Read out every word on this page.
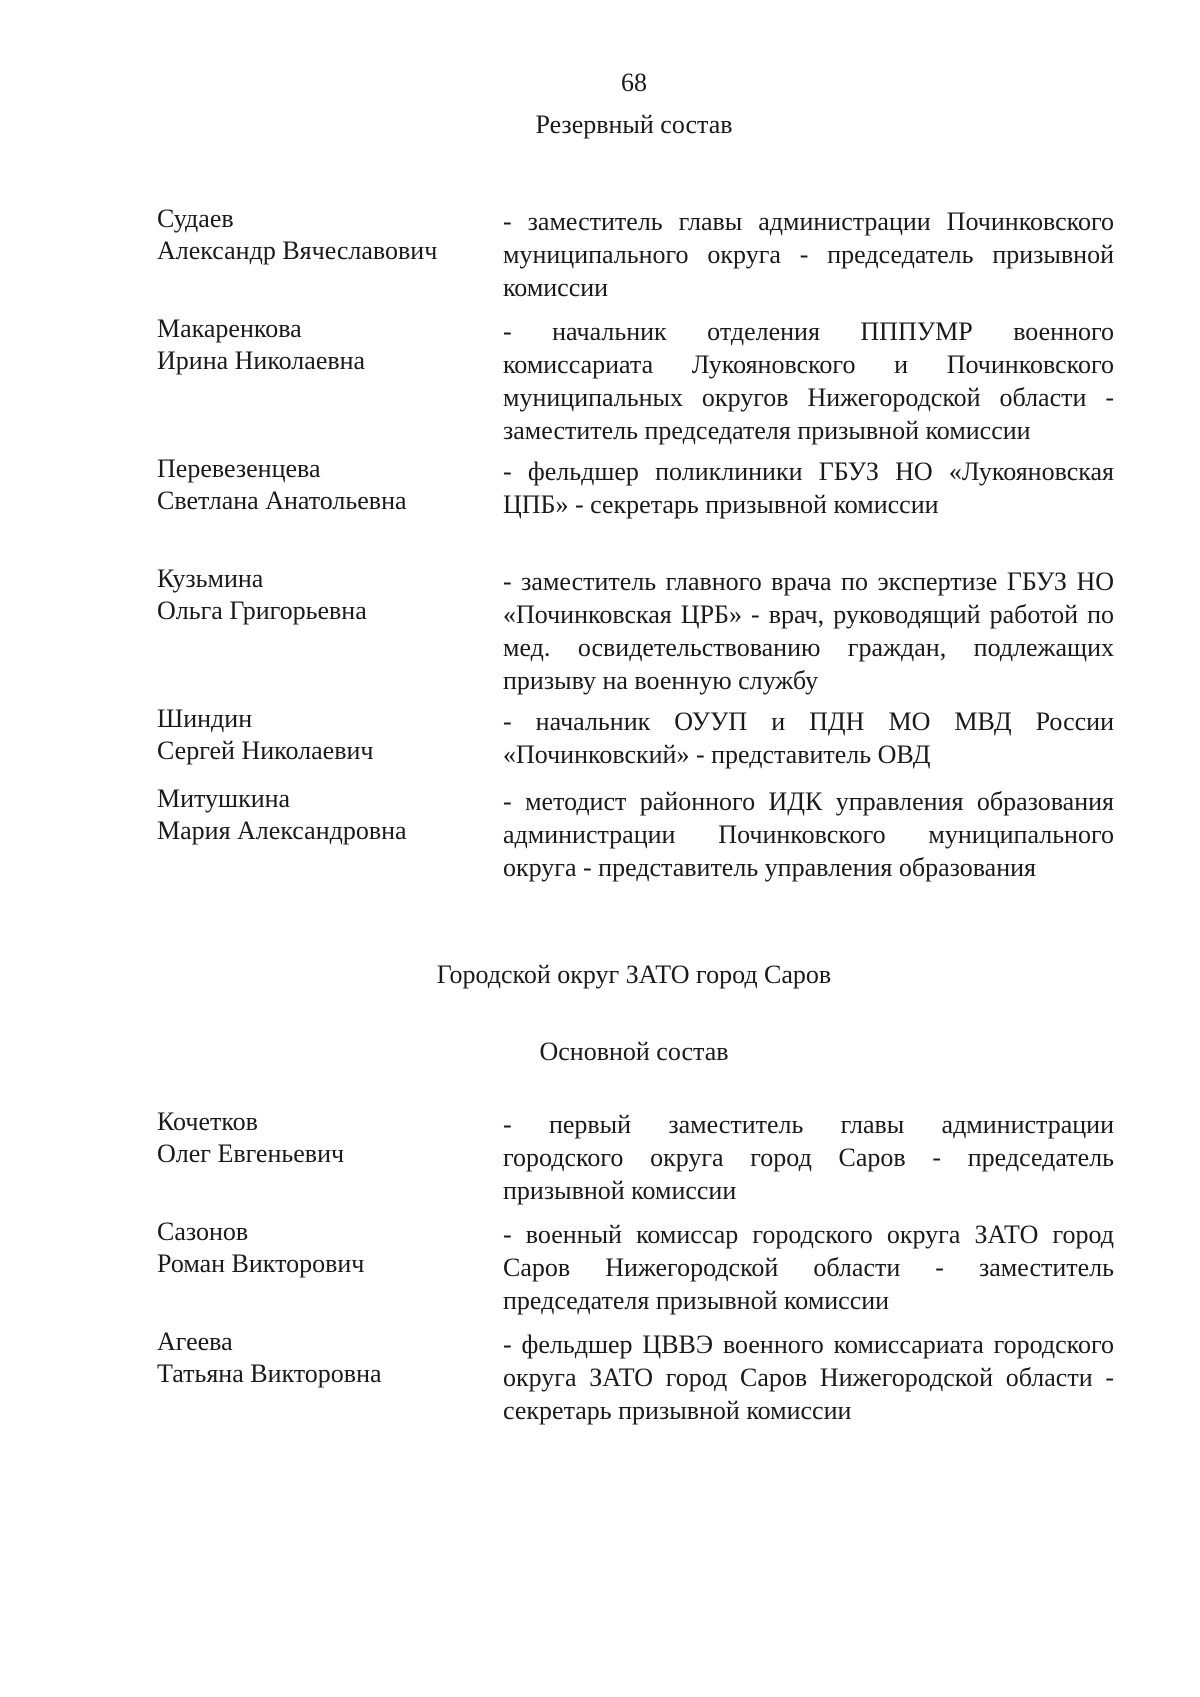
68
Резервный состав
Судаев
Александр Вячеславович
- заместитель главы администрации Починковского муниципального округа - председатель призывной комиссии
Макаренкова
Ирина Николаевна
- начальник отделения ПППУМР военного комиссариата Лукояновского и Починковского муниципальных округов Нижегородской области - заместитель председателя призывной комиссии
Перевезенцева
Светлана Анатольевна
- фельдшер поликлиники ГБУЗ НО «Лукояновская ЦПБ» - секретарь призывной комиссии
Кузьмина
Ольга Григорьевна
- заместитель главного врача по экспертизе ГБУЗ НО «Починковская ЦРБ» - врач, руководящий работой по мед. освидетельствованию граждан, подлежащих призыву на военную службу
Шиндин
Сергей Николаевич
- начальник ОУУП и ПДН МО МВД России «Починковский» - представитель ОВД
Митушкина
Мария Александровна
- методист районного ИДК управления образования администрации Починковского муниципального округа - представитель управления образования
Городской округ ЗАТО город Саров
Основной состав
Кочетков
Олег Евгеньевич
- первый заместитель главы администрации городского округа город Саров - председатель призывной комиссии
Сазонов
Роман Викторович
- военный комиссар городского округа ЗАТО город Саров Нижегородской области - заместитель председателя призывной комиссии
Агеева
Татьяна Викторовна
- фельдшер ЦВВЭ военного комиссариата городского округа ЗАТО город Саров Нижегородской области - секретарь призывной комиссии
